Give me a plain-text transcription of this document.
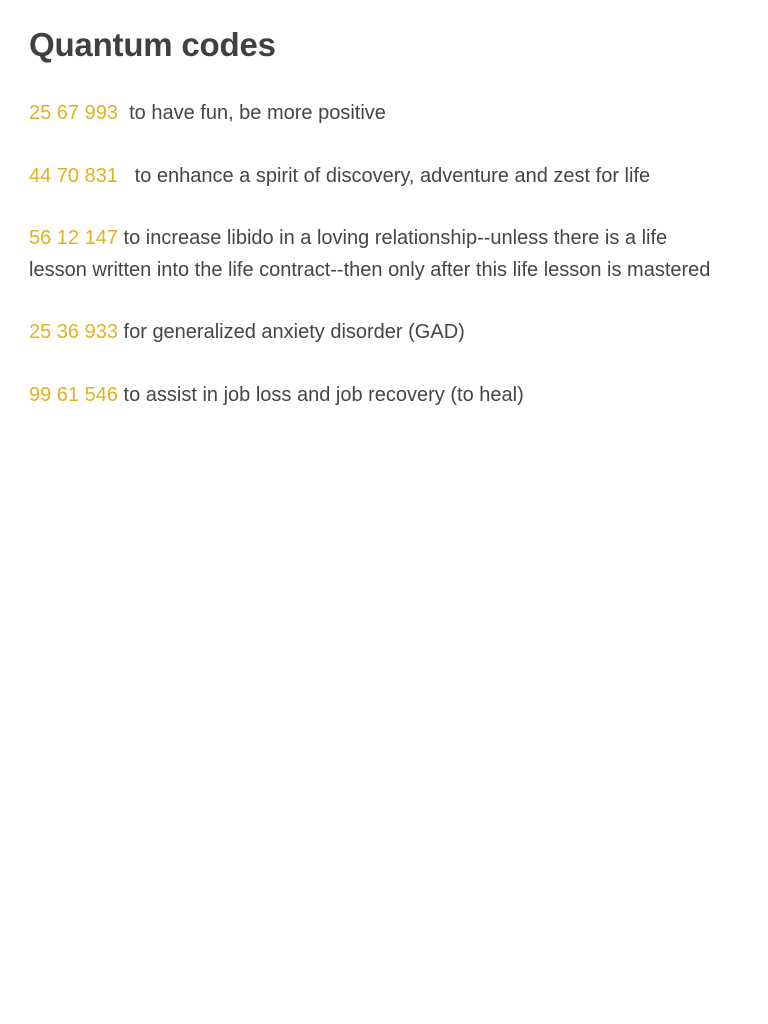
Quantum codes

25 67 993  to have fun, be more positive

44 70 831   to enhance a spirit of discovery, adventure and zest for life

56 12 147 to increase libido in a loving relationship--unless there is a life lesson written into the life contract--then only after this life lesson is mastered

25 36 933 for generalized anxiety disorder (GAD)

99 61 546 to assist in job loss and job recovery (to heal)
